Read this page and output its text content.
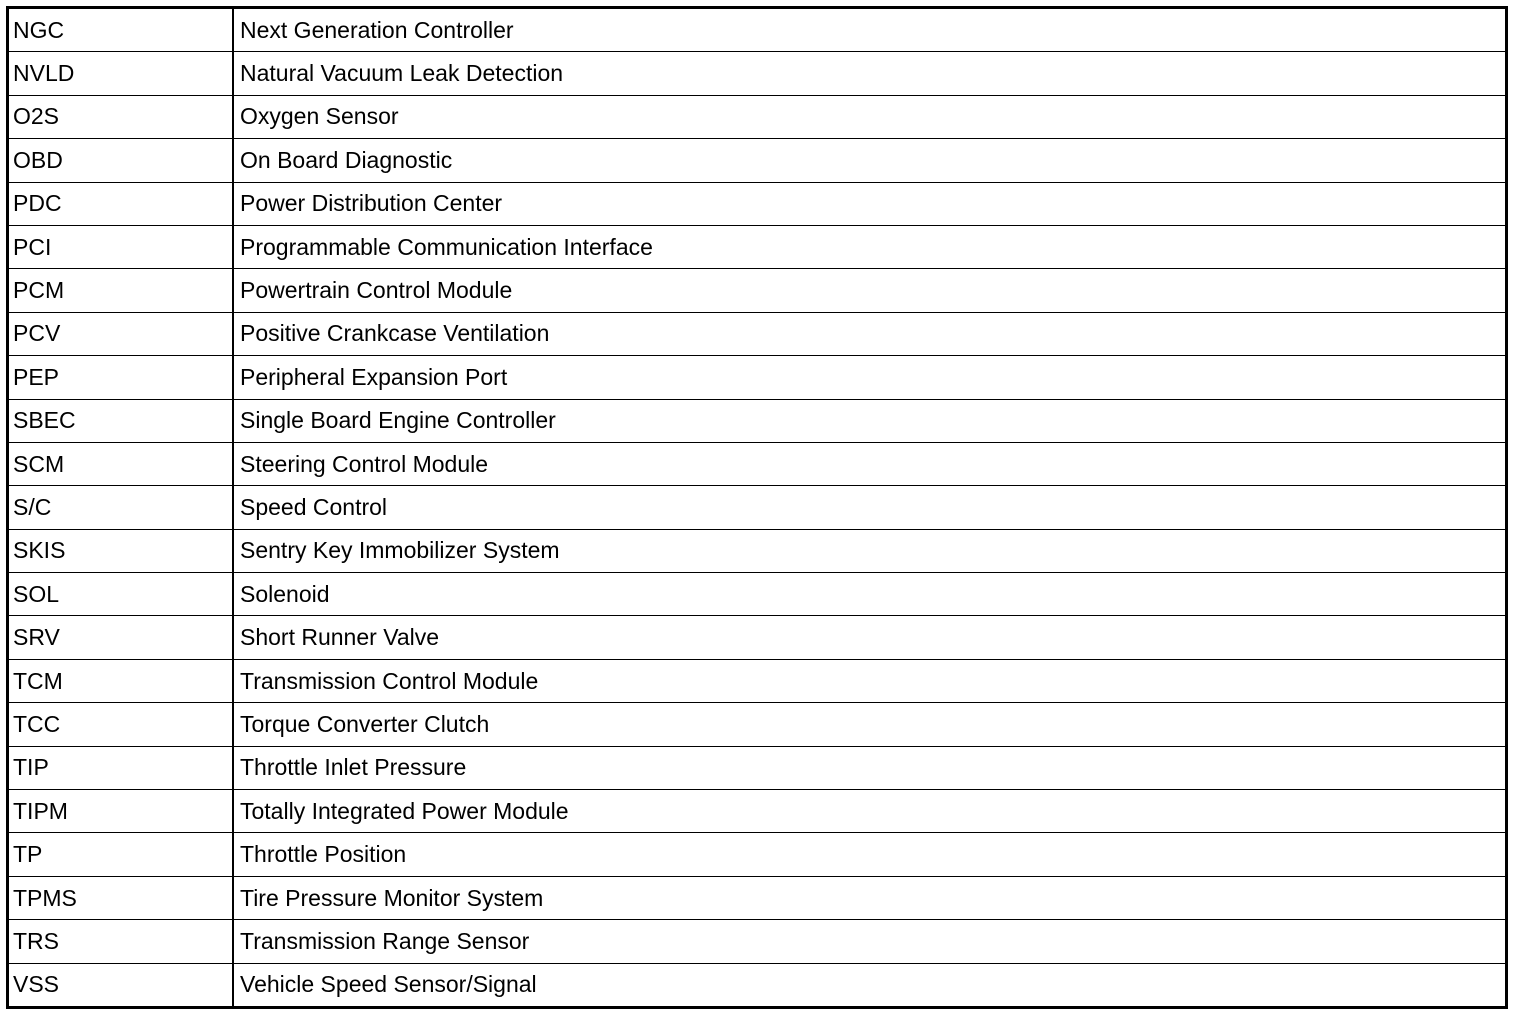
NGC	Next Generation Controller
NVLD	Natural Vacuum Leak Detection
O2S	Oxygen Sensor
OBD	On Board Diagnostic
PDC	Power Distribution Center
PCI	Programmable Communication Interface
PCM	Powertrain Control Module
PCV	Positive Crankcase Ventilation
PEP	Peripheral Expansion Port
SBEC	Single Board Engine Controller
SCM	Steering Control Module
S/C	Speed Control
SKIS	Sentry Key Immobilizer System
SOL	Solenoid
SRV	Short Runner Valve
TCM	Transmission Control Module
TCC	Torque Converter Clutch
TIP	Throttle Inlet Pressure
TIPM	Totally Integrated Power Module
TP	Throttle Position
TPMS	Tire Pressure Monitor System
TRS	Transmission Range Sensor
VSS	Vehicle Speed Sensor/Signal
